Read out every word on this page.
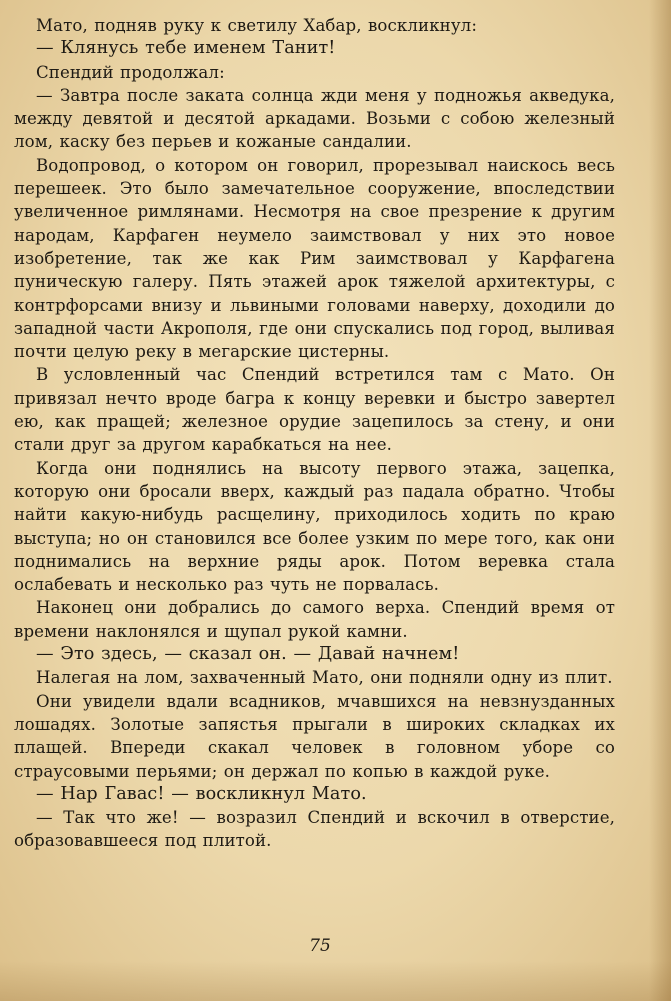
Мато, подняв руку к светилу Хабар, воскликнул:

— Клянусь тебе именем Танит!

Спендий продолжал:

— Завтра после заката солнца жди меня у подножья акведука, между девятой и десятой аркадами. Возьми с собою железный лом, каску без перьев и кожаные сандалии.

Водопровод, о котором он говорил, прорезывал наискось весь перешеек. Это было замечательное сооружение, впоследствии увеличенное римлянами. Несмотря на свое презрение к другим народам, Карфаген неумело заимствовал у них это новое изобретение, так же как Рим заимствовал у Карфагена пуническую галеру. Пять этажей арок тяжелой архитектуры, с контрфорсами внизу и львиными головами наверху, доходили до западной части Акрополя, где они спускались под город, выливая почти целую реку в мегарские цистерны.

В условленный час Спендий встретился там с Мато. Он привязал нечто вроде багра к концу веревки и быстро завертел ею, как пращей; железное орудие зацепилось за стену, и они стали друг за другом карабкаться на нее.

Когда они поднялись на высоту первого этажа, зацепка, которую они бросали вверх, каждый раз падала обратно. Чтобы найти какую-нибудь расщелину, приходилось ходить по краю выступа; но он становился все более узким по мере того, как они поднимались на верхние ряды арок. Потом веревка стала ослабевать и несколько раз чуть не порвалась.

Наконец они добрались до самого верха. Спендий время от времени наклонялся и щупал рукой камни.

— Это здесь, — сказал он. — Давай начнем!

Налегая на лом, захваченный Мато, они подняли одну из плит.

Они увидели вдали всадников, мчавшихся на невзнузданных лошадях. Золотые запястья прыгали в широких складках их плащей. Впереди скакал человек в головном уборе со страусовыми перьями; он держал по копью в каждой руке.

— Нар Гавас! — воскликнул Мато.

— Так что же! — возразил Спендий и вскочил в отверстие, образовавшееся под плитой.

75
